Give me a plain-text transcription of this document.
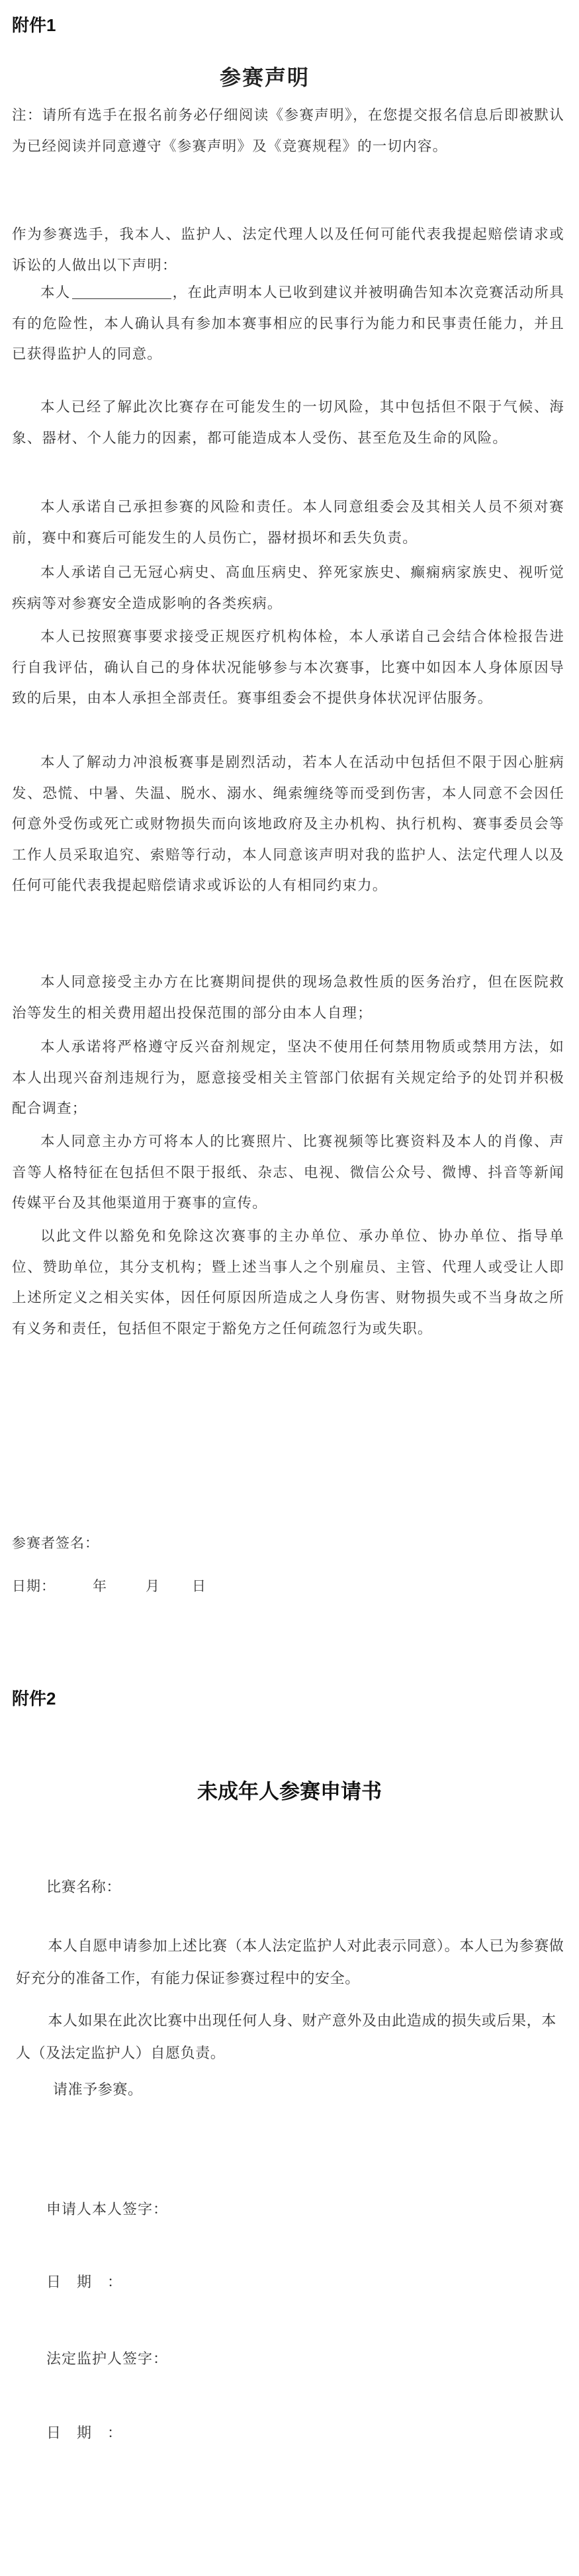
附件1
参赛声明
注：请所有选手在报名前务必仔细阅读《参赛声明》，在您提交报名信息后即被默认为已经阅读并同意遵守《参赛声明》及《竞赛规程》的一切内容。
作为参赛选手，我本人、监护人、法定代理人以及任何可能代表我提起赔偿请求或诉讼的人做出以下声明：
本人	，在此声明本人已收到建议并被明确告知本次竞赛活动所具有的危险性，本人确认具有参加本赛事相应的民事行为能力和民事责任能力，并且已获得监护人的同意。
本人已经了解此次比赛存在可能发生的一切风险，其中包括但不限于气候、海象、器材、个人能力的因素，都可能造成本人受伤、甚至危及生命的风险。
本人承诺自己承担参赛的风险和责任。本人同意组委会及其相关人员不须对赛前，赛中和赛后可能发生的人员伤亡，器材损坏和丢失负责。
本人承诺自己无冠心病史、高血压病史、猝死家族史、癫痫病家族史、视听觉疾病等对参赛安全造成影响的各类疾病。
本人已按照赛事要求接受正规医疗机构体检，本人承诺自己会结合体检报告进行自我评估，确认自己的身体状况能够参与本次赛事，比赛中如因本人身体原因导致的后果，由本人承担全部责任。赛事组委会不提供身体状况评估服务。
本人了解动力冲浪板赛事是剧烈活动，若本人在活动中包括但不限于因心脏病发、恐慌、中暑、失温、脱水、溺水、绳索缠绕等而受到伤害，本人同意不会因任何意外受伤或死亡或财物损失而向该地政府及主办机构、执行机构、赛事委员会等工作人员采取追究、索赔等行动，本人同意该声明对我的监护人、法定代理人以及任何可能代表我提起赔偿请求或诉讼的人有相同约束力。
本人同意接受主办方在比赛期间提供的现场急救性质的医务治疗，但在医院救治等发生的相关费用超出投保范围的部分由本人自理；
本人承诺将严格遵守反兴奋剂规定，坚决不使用任何禁用物质或禁用方法，如本人出现兴奋剂违规行为，愿意接受相关主管部门依据有关规定给予的处罚并积极配合调查；
本人同意主办方可将本人的比赛照片、比赛视频等比赛资料及本人的肖像、声音等人格特征在包括但不限于报纸、杂志、电视、微信公众号、微博、抖音等新闻传媒平台及其他渠道用于赛事的宣传。
以此文件以豁免和免除这次赛事的主办单位、承办单位、协办单位、指导单位、赞助单位，其分支机构；暨上述当事人之个别雇员、主管、代理人或受让人即上述所定义之相关实体，因任何原因所造成之人身伤害、财物损失或不当身故之所有义务和责任，包括但不限定于豁免方之任何疏忽行为或失职。
参赛者签名：
日期：	年	月 日
附件2
未成年人参赛申请书
比赛名称：
本人自愿申请参加上述比赛（本人法定监护人对此表示同意）。本人已为参赛做好充分的准备工作，有能力保证参赛过程中的安全。
本人如果在此次比赛中出现任何人身、财产意外及由此造成的损失或后果，本人（及法定监护人）自愿负责。
请准予参赛。
申请人本人签字：
日　期　：
法定监护人签字：
日　期　：
